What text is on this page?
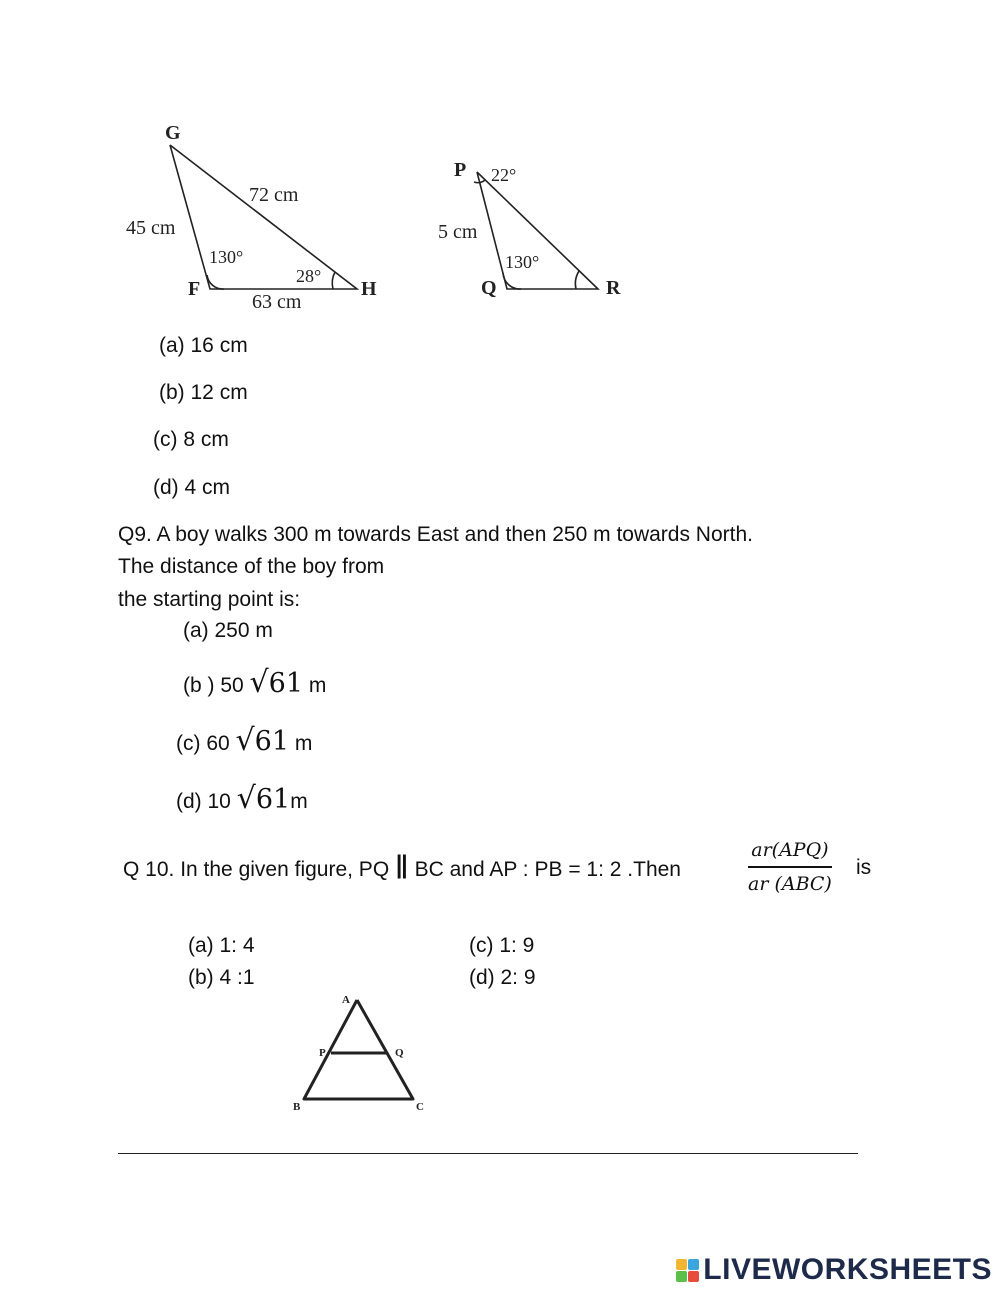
G
F	H
45 cm
72 cm
63 cm
130°
28°
P
Q	R
5 cm
22°
130°
(a) 16 cm
(b) 12 cm
(c) 8 cm
(d) 4 cm
Q9. A boy walks 300 m towards East and then 250 m towards North.
The distance of the boy from
the starting point is:
(a) 250 m
(b ) 50 √61 m
(c) 60 √61 m
(d) 10 √61m
Q 10. In the given figure, PQ ∥ BC and AP : PB = 1: 2 .Then
ar(APQ)
ar (ABC)
is
(a) 1: 4
(b) 4 :1
(c) 1: 9
(d) 2: 9
A
B	C
P	Q
LIVEWORKSHEETS
